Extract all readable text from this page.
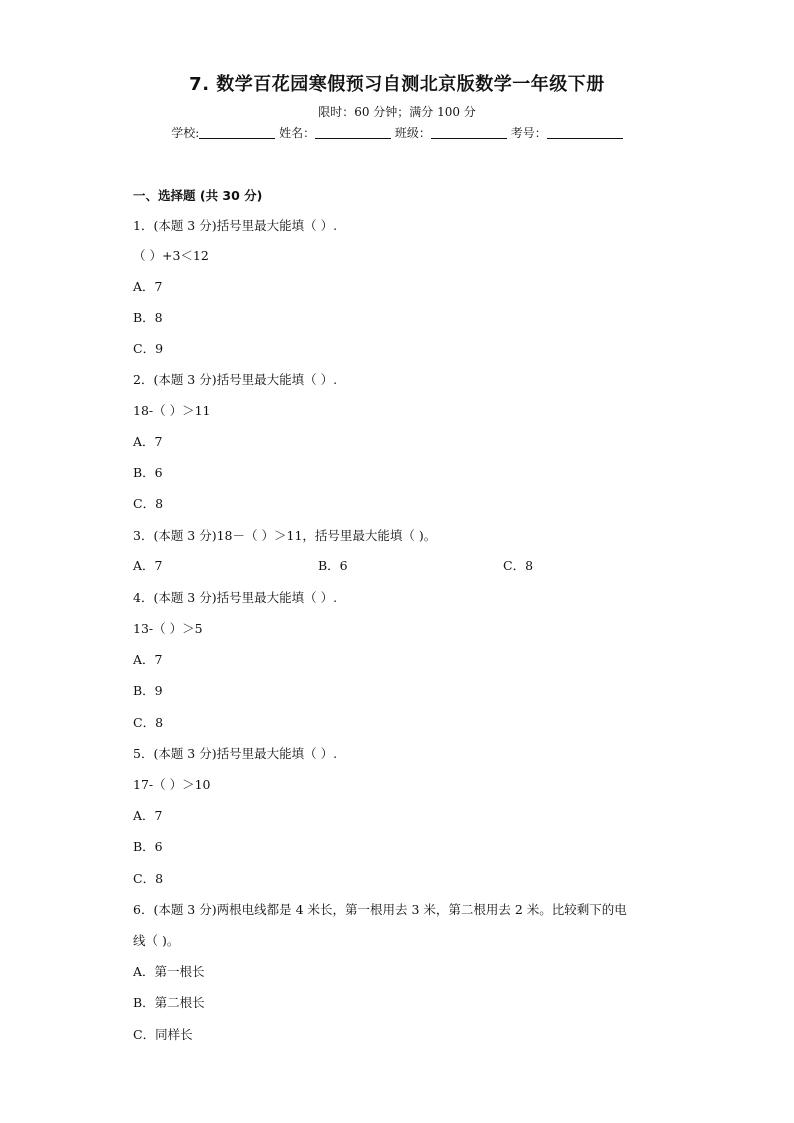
7. 数学百花园寒假预习自测北京版数学一年级下册
限时：60 分钟；满分 100 分
学校:	姓名：	班级：	考号：
一、选择题 (共 30 分)
1．(本题 3 分)括号里最大能填（ ）.
（ ）+3＜12
A．7
B．8
C．9
2．(本题 3 分)括号里最大能填（ ）.
18-（ ）＞11
A．7
B．6
C．8
3．(本题 3 分)18－（ ）＞11，括号里最大能填（ )。
A．7	B．6	C．8
4．(本题 3 分)括号里最大能填（ ）.
13-（ ）＞5
A．7
B．9
C．8
5．(本题 3 分)括号里最大能填（ ）.
17-（ ）＞10
A．7
B．6
C．8
6．(本题 3 分)两根电线都是 4 米长，第一根用去 3 米，第二根用去 2 米。比较剩下的电
线（ )。
A．第一根长
B．第二根长
C．同样长
